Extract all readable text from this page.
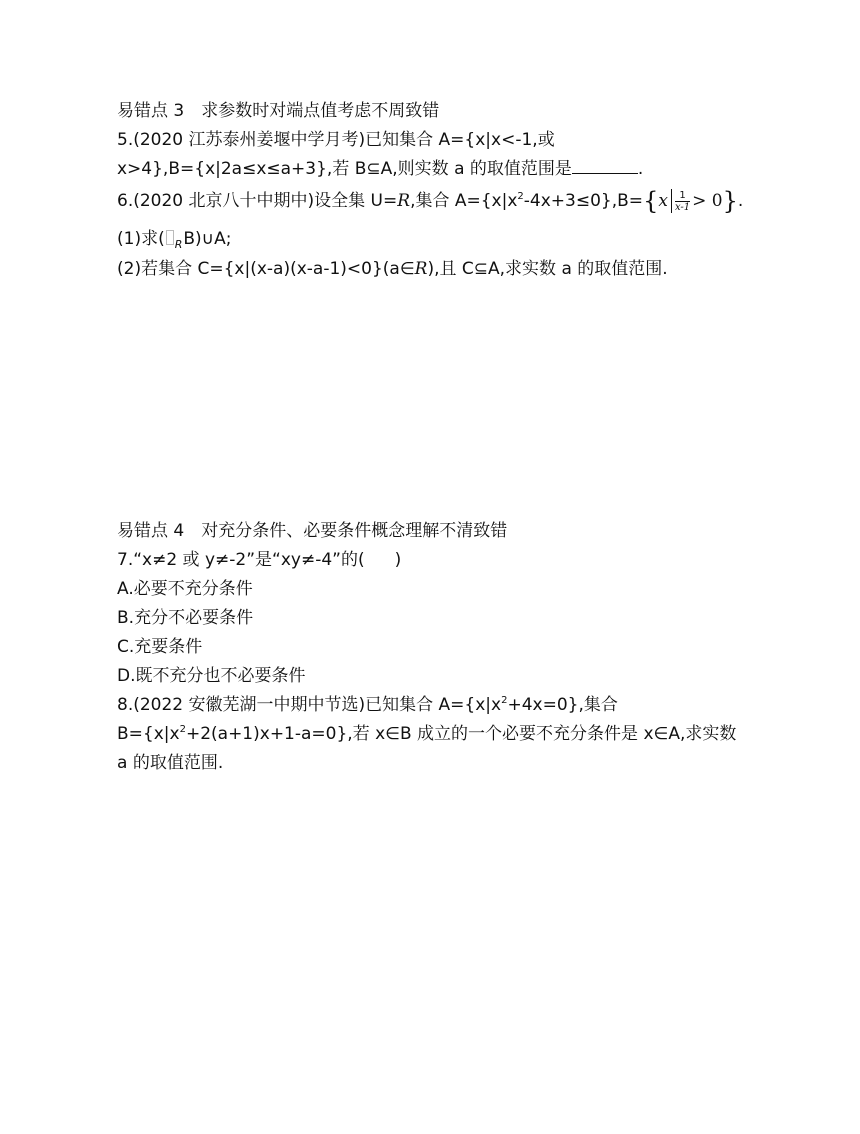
易错点 3　求参数时对端点值考虑不周致错
5.(2020 江苏泰州姜堰中学月考)已知集合 A={x|x<-1,或
x>4},B={x|2a≤x≤a+3},若 B⊆A,则实数 a 的取值范围是	.
6.(2020 北京八十中期中)设全集 U=R,集合 $A=\{x|x^2-4x+3\le 0\},B=\{x \frac{1}{x-1} > 0\}$.
(1)求( $_R$B)∪A;
(2)若集合 C={x|(x-a)(x-a-1)<0}(a∈R),且 C⊆A,求实数 a 的取值范围.
易错点 4　对充分条件、必要条件概念理解不清致错
7.“x≠2 或 y≠-2”是“xy≠-4”的( )
A.必要不充分条件
B.充分不必要条件
C.充要条件
D.既不充分也不必要条件
8.(2022 安徽芜湖一中期中节选)已知集合 $A=\{x|x^2+4x=0\}$,集合
$B=\{x|x^2+2(a+1)x+1-a=0\}$,若 x∈B 成立的一个必要不充分条件是 x∈A,求实数
a 的取值范围.
